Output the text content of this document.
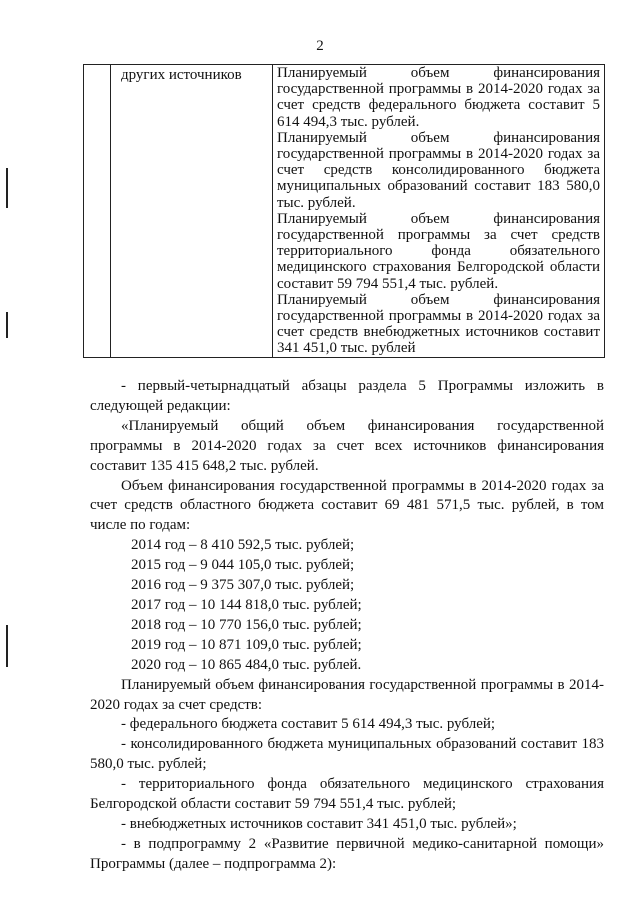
2
	других источников	Планируемый объем финансирования государственной программы в 2014-2020 годах за счет средств федерального бюджета составит 5 614 494,3 тыс. рублей.
Планируемый объем финансирования государственной программы в 2014-2020 годах за счет средств консолидированного бюджета муниципальных образований составит 183 580,0 тыс. рублей.
Планируемый объем финансирования государственной программы за счет средств территориального фонда обязательного медицинского страхования Белгородской области составит 59 794 551,4 тыс. рублей.
Планируемый объем финансирования государственной программы в 2014-2020 годах за счет средств внебюджетных источников составит 341 451,0 тыс. рублей

- первый-четырнадцатый абзацы раздела 5 Программы изложить в следующей редакции:

«Планируемый общий объем финансирования государственной программы в 2014-2020 годах за счет всех источников финансирования составит 135 415 648,2 тыс. рублей.

Объем финансирования государственной программы в 2014-2020 годах за счет средств областного бюджета составит 69 481 571,5 тыс. рублей, в том числе по годам:

2014 год – 8 410 592,5 тыс. рублей;
2015 год – 9 044 105,0 тыс. рублей;
2016 год – 9 375 307,0 тыс. рублей;
2017 год – 10 144 818,0 тыс. рублей;
2018 год – 10 770 156,0 тыс. рублей;
2019 год – 10 871 109,0 тыс. рублей;
2020 год – 10 865 484,0 тыс. рублей.

Планируемый объем финансирования государственной программы в 2014-2020 годах за счет средств:

- федерального бюджета составит 5 614 494,3 тыс. рублей;

- консолидированного бюджета муниципальных образований составит 183 580,0 тыс. рублей;

- территориального фонда обязательного медицинского страхования Белгородской области составит 59 794 551,4 тыс. рублей;

- внебюджетных источников составит 341 451,0 тыс. рублей»;

- в подпрограмму 2 «Развитие первичной медико-санитарной помощи» Программы (далее – подпрограмма 2):
